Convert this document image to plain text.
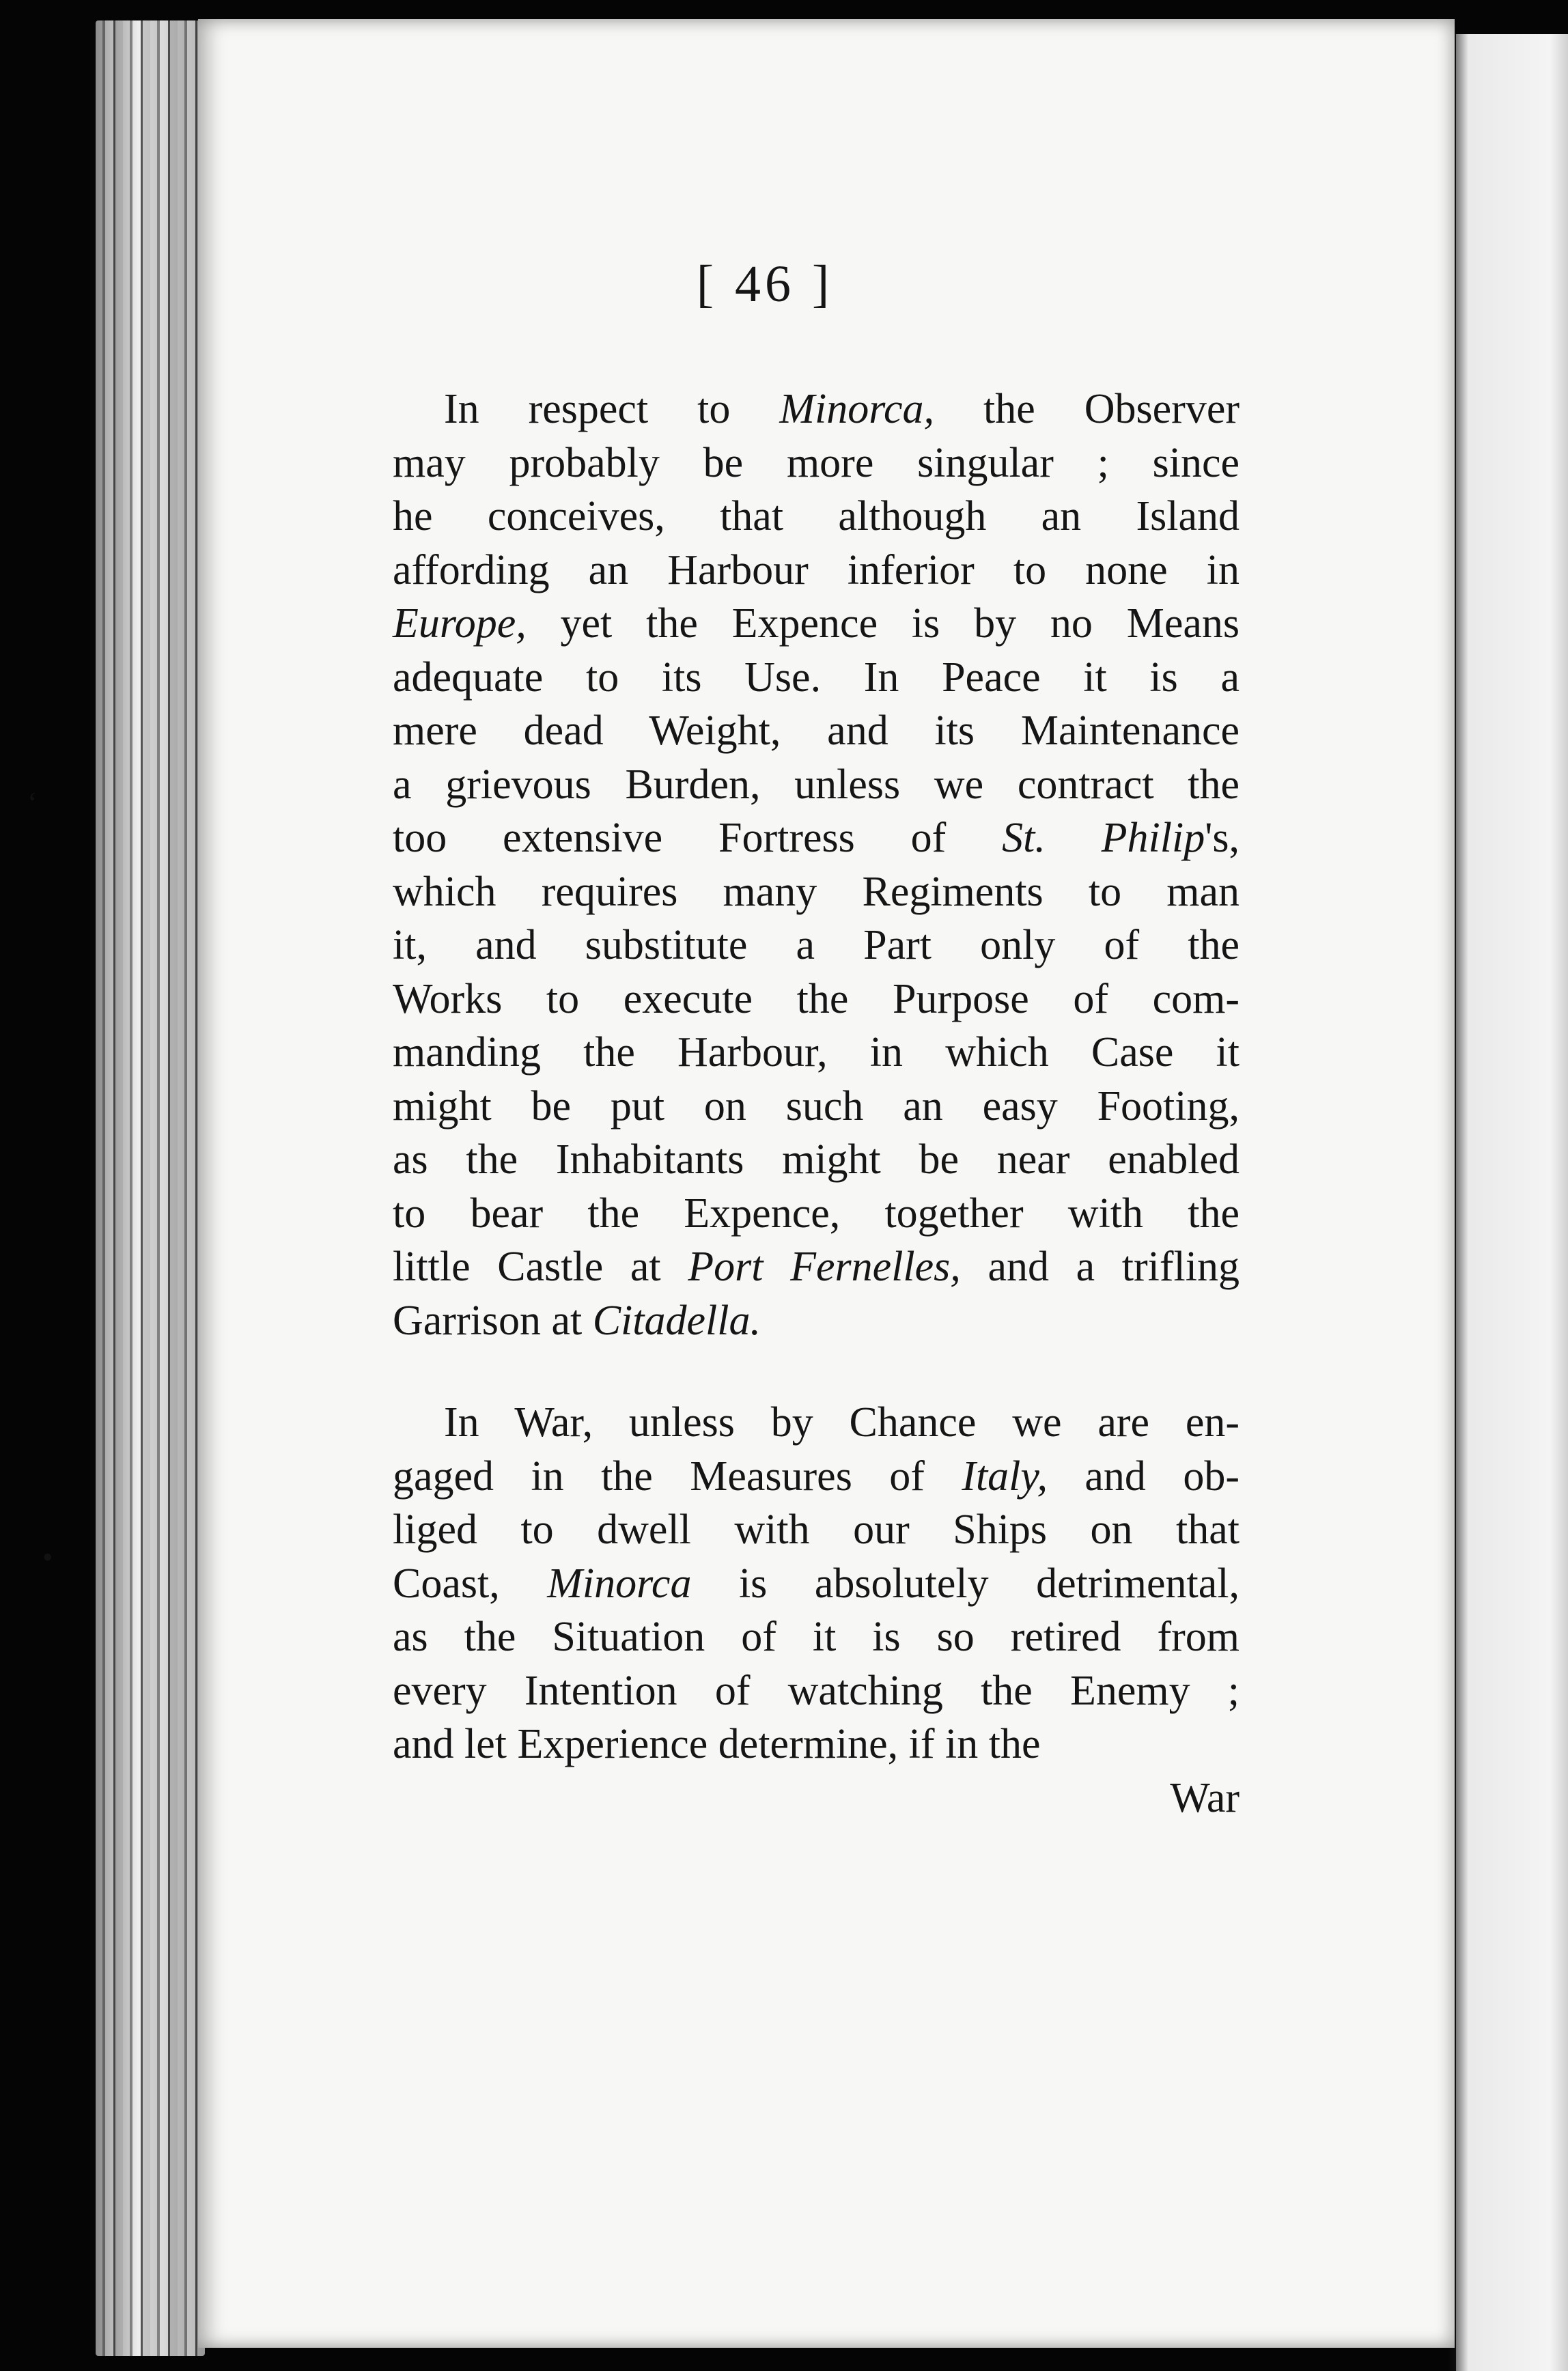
ʻ
•
[ 46 ]
In respect to Minorca, the Observer
may probably be more singular ; since
he conceives, that although an Island
affording an Harbour inferior to none in
Europe, yet the Expence is by no Means
adequate to its Use. In Peace it is a
mere dead Weight, and its Maintenance
a grievous Burden, unless we contract the
too extensive Fortress of St. Philip's,
which requires many Regiments to man
it, and substitute a Part only of the
Works to execute the Purpose of com-
manding the Harbour, in which Case it
might be put on such an easy Footing,
as the Inhabitants might be near enabled
to bear the Expence, together with the
little Castle at Port Fernelles, and a trifling
Garrison at Citadella.
In War, unless by Chance we are en-
gaged in the Measures of Italy, and ob-
liged to dwell with our Ships on that
Coast, Minorca is absolutely detrimental,
as the Situation of it is so retired from
every Intention of watching the Enemy ;
and let Experience determine, if in the
War
